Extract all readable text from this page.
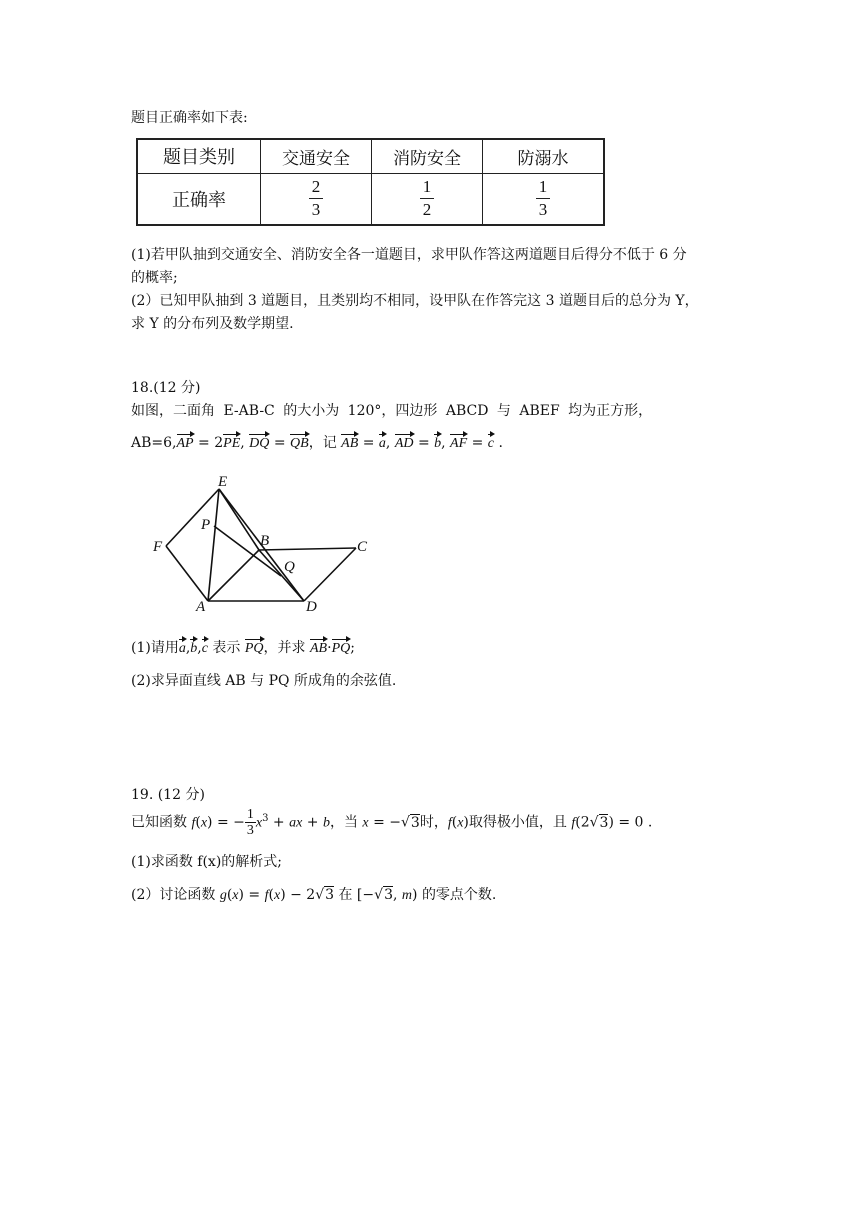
题目正确率如下表:
题目类别	交通安全	消防安全	防溺水
正确率	$\frac{2}{3}$	$\frac{1}{2}$	$\frac{1}{3}$
(1)若甲队抽到交通安全、消防安全各一道题目，求甲队作答这两道题目后得分不低于 6 分
的概率;
(2）已知甲队抽到 3 道题目，且类别均不相同，设甲队在作答完这 3 道题目后的总分为 Y，
求 Y 的分布列及数学期望.
18.(12 分)
如图，二面角 E-AB-C 的大小为 120°，四边形 ABCD 与 ABEF 均为正方形，
AB=6,AP = 2PE, DQ = QB，记 AB = a, AD = b, AF = c .
E
P
F	B	C
Q
A	D
(1)请用a,b,c 表示 PQ，并求 AB·PQ;
(2)求异面直线 AB 与 PQ 所成角的余弦值.
19. (12 分)
已知函数 f(x) = − $\frac{1}{3} x^3$ + ax + b，当 x = −√3时，f(x)取得极小值，且 f(2√3) = 0 .
(1)求函数 f(x)的解析式;
(2）讨论函数 g(x) = f(x) − 2√3 在 [−√3, m) 的零点个数.
